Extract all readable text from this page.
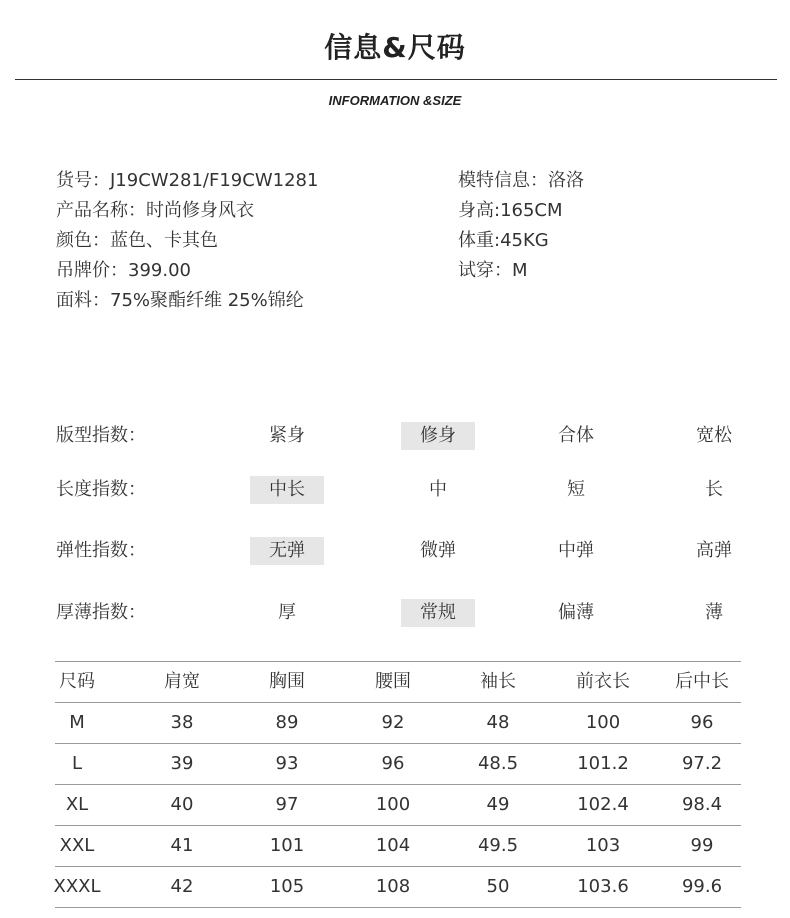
信息&尺码
INFORMATION &SIZE
货号：J19CW281/F19CW1281
产品名称：时尚修身风衣
颜色：蓝色、卡其色
吊牌价：399.00
面料：75%聚酯纤维 25%锦纶
模特信息：洛洛
身高:165CM
体重:45KG
试穿：M
版型指数：	紧身	修身	合体	宽松
长度指数：	中长	中	短	长
弹性指数：	无弹	微弹	中弹	高弹
厚薄指数：	厚	常规	偏薄	薄
尺码	肩宽	胸围	腰围	袖长	前衣长	后中长
M	38	89	92	48	100	96
L	39	93	96	48.5	101.2	97.2
XL	40	97	100	49	102.4	98.4
XXL	41	101	104	49.5	103	99
XXXL	42	105	108	50	103.6	99.6
